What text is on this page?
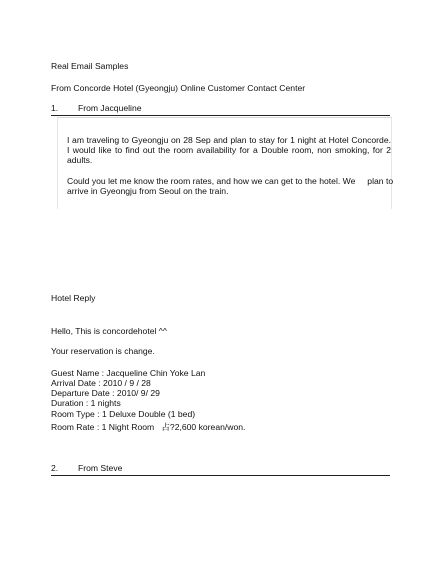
Real Email Samples
From Concorde Hotel (Gyeongju) Online Customer Contact Center
1. From Jacqueline
I am traveling to Gyeongju on 28 Sep and plan to stay for 1 night at Hotel Concorde. I would like to find out the room availability for a Double room, non smoking, for 2 adults.
Could you let me know the room rates, and how we can get to the hotel. We     plan to
arrive in Gyeongju from Seoul on the train.
Hotel Reply
Hello, This is concordehotel ^^
Your reservation is change.
Guest Name : Jacqueline Chin Yoke Lan
Arrival Date : 2010 / 9 / 28
Departure Date : 2010/ 9/ 29
Duration : 1 nights
Room Type : 1 Deluxe Double (1 bed)
Room Rate : 1 Night Room   占?2,600 korean/won.
2. From Steve
